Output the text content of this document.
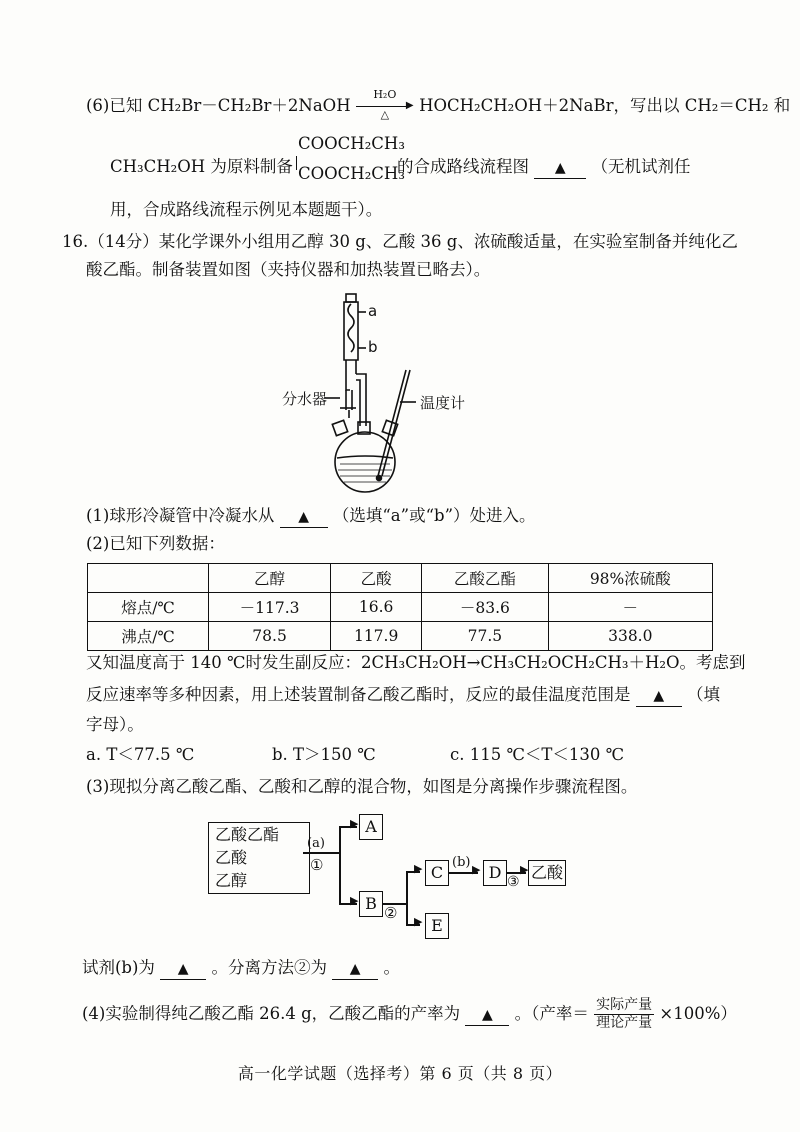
(6)已知 CH₂Br－CH₂Br＋2NaOH
H₂O
▶
△	HOCH₂CH₂OH＋2NaBr，写出以 CH₂＝CH₂ 和
COOCH₂CH₃
COOCH₂CH₃
CH₃CH₂OH 为原料制备	的合成路线流程图 ▲ （无机试剂任
用，合成路线流程示例见本题题干）。
16.（14分）某化学课外小组用乙醇 30 g、乙酸 36 g、浓硫酸适量，在实验室制备并纯化乙
酸乙酯。制备装置如图（夹持仪器和加热装置已略去）。
a
b
分水器	温度计
(1)球形冷凝管中冷凝水从 ▲ （选填“a”或“b”）处进入。
(2)已知下列数据：
	乙醇	乙酸	乙酸乙酯	98%浓硫酸
熔点/℃	－117.3	16.6	－83.6	－
沸点/℃	78.5	117.9	77.5	338.0
又知温度高于 140 ℃时发生副反应：2CH₃CH₂OH→CH₃CH₂OCH₂CH₃＋H₂O。考虑到
反应速率等多种因素，用上述装置制备乙酸乙酯时，反应的最佳温度范围是 ▲ （填
字母）。
a. T＜77.5 ℃	b. T＞150 ℃	c. 115 ℃＜T＜130 ℃
(3)现拟分离乙酸乙酯、乙酸和乙醇的混合物，如图是分离操作步骤流程图。
乙酸乙酯
乙酸
乙醇
▶
▶
(a)
①
A
B
▶
▶
②
C
E
▶
(b)
D	▶
③ 乙酸
试剂(b)为 ▲ 。分离方法②为 ▲ 。
(4)实验制得纯乙酸乙酯 26.4 g，乙酸乙酯的产率为 ▲ 。（产率＝ $\frac{\text{实际产量}}{\text{理论产量}} \times 100\%$）
高一化学试题（选择考）第 6 页（共 8 页）
